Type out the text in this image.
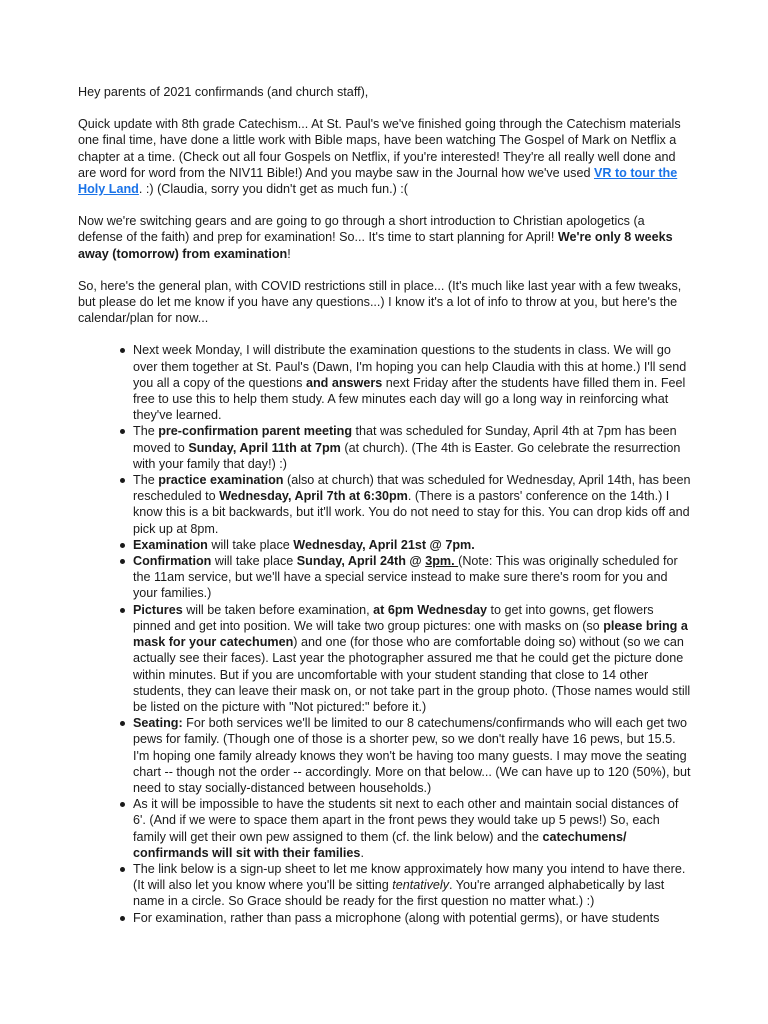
Hey parents of 2021 confirmands (and church staff),

Quick update with 8th grade Catechism... At St. Paul's we've finished going through the Catechism materials one final time, have done a little work with Bible maps, have been watching The Gospel of Mark on Netflix a chapter at a time. (Check out all four Gospels on Netflix, if you're interested! They're all really well done and are word for word from the NIV11 Bible!) And you maybe saw in the Journal how we've used VR to tour the Holy Land. :) (Claudia, sorry you didn't get as much fun.) :(

Now we're switching gears and are going to go through a short introduction to Christian apologetics (a defense of the faith) and prep for examination! So... It's time to start planning for April! We're only 8 weeks away (tomorrow) from examination!

So, here's the general plan, with COVID restrictions still in place... (It's much like last year with a few tweaks, but please do let me know if you have any questions...) I know it's a lot of info to throw at you, but here's the calendar/plan for now...

Next week Monday, I will distribute the examination questions to the students in class. We will go over them together at St. Paul's (Dawn, I'm hoping you can help Claudia with this at home.) I'll send you all a copy of the questions and answers next Friday after the students have filled them in. Feel free to use this to help them study. A few minutes each day will go a long way in reinforcing what they've learned.
The pre-confirmation parent meeting that was scheduled for Sunday, April 4th at 7pm has been moved to Sunday, April 11th at 7pm (at church). (The 4th is Easter. Go celebrate the resurrection with your family that day!) :)
The practice examination (also at church) that was scheduled for Wednesday, April 14th, has been rescheduled to Wednesday, April 7th at 6:30pm. (There is a pastors' conference on the 14th.) I know this is a bit backwards, but it'll work. You do not need to stay for this. You can drop kids off and pick up at 8pm.
Examination will take place Wednesday, April 21st @ 7pm.
Confirmation will take place Sunday, April 24th @ 3pm. (Note: This was originally scheduled for the 11am service, but we'll have a special service instead to make sure there's room for you and your families.)
Pictures will be taken before examination, at 6pm Wednesday to get into gowns, get flowers pinned and get into position. We will take two group pictures: one with masks on (so please bring a mask for your catechumen) and one (for those who are comfortable doing so) without (so we can actually see their faces). Last year the photographer assured me that he could get the picture done within minutes. But if you are uncomfortable with your student standing that close to 14 other students, they can leave their mask on, or not take part in the group photo. (Those names would still be listed on the picture with "Not pictured:" before it.)
Seating: For both services we'll be limited to our 8 catechumens/confirmands who will each get two pews for family. (Though one of those is a shorter pew, so we don't really have 16 pews, but 15.5. I'm hoping one family already knows they won't be having too many guests. I may move the seating chart -- though not the order -- accordingly. More on that below... (We can have up to 120 (50%), but need to stay socially-distanced between households.)
As it will be impossible to have the students sit next to each other and maintain social distances of 6'. (And if we were to space them apart in the front pews they would take up 5 pews!) So, each family will get their own pew assigned to them (cf. the link below) and the catechumens/ confirmands will sit with their families.
The link below is a sign-up sheet to let me know approximately how many you intend to have there. (It will also let you know where you'll be sitting tentatively. You're arranged alphabetically by last name in a circle. So Grace should be ready for the first question no matter what.) :)
For examination, rather than pass a microphone (along with potential germs), or have students
